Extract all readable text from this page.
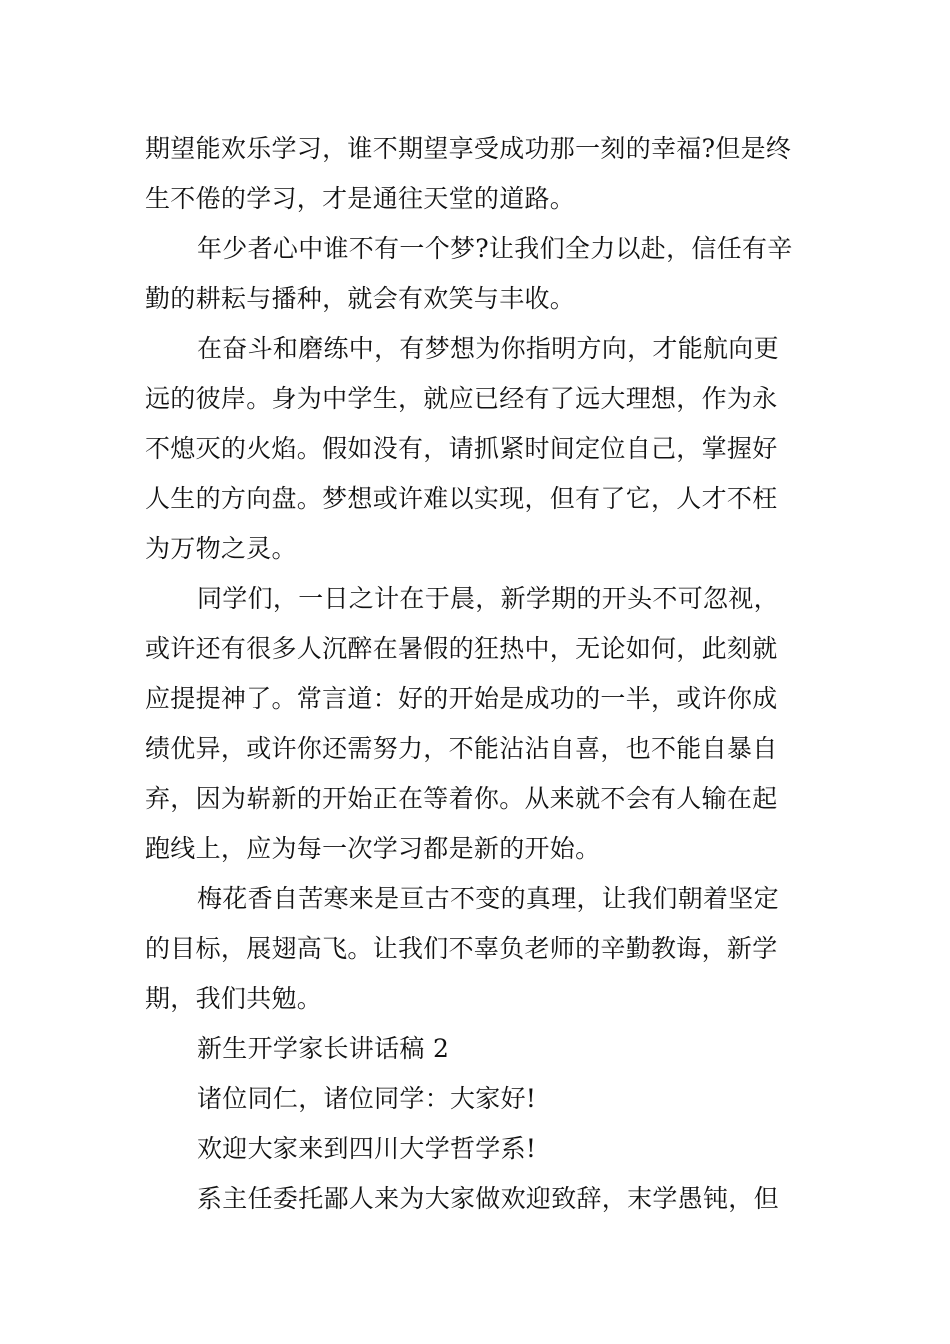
期望能欢乐学习，谁不期望享受成功那一刻的幸福?但是终
生不倦的学习，才是通往天堂的道路。
年少者心中谁不有一个梦?让我们全力以赴，信任有辛
勤的耕耘与播种，就会有欢笑与丰收。
在奋斗和磨练中，有梦想为你指明方向，才能航向更
远的彼岸。身为中学生，就应已经有了远大理想，作为永
不熄灭的火焰。假如没有，请抓紧时间定位自己，掌握好
人生的方向盘。梦想或许难以实现，但有了它，人才不枉
为万物之灵。
同学们，一日之计在于晨，新学期的开头不可忽视，
或许还有很多人沉醉在暑假的狂热中，无论如何，此刻就
应提提神了。常言道：好的开始是成功的一半，或许你成
绩优异，或许你还需努力，不能沾沾自喜，也不能自暴自
弃，因为崭新的开始正在等着你。从来就不会有人输在起
跑线上，应为每一次学习都是新的开始。
梅花香自苦寒来是亘古不变的真理，让我们朝着坚定
的目标，展翅高飞。让我们不辜负老师的辛勤教诲，新学
期，我们共勉。
新生开学家长讲话稿 2
诸位同仁，诸位同学：大家好!
欢迎大家来到四川大学哲学系!
系主任委托鄙人来为大家做欢迎致辞，末学愚钝，但
